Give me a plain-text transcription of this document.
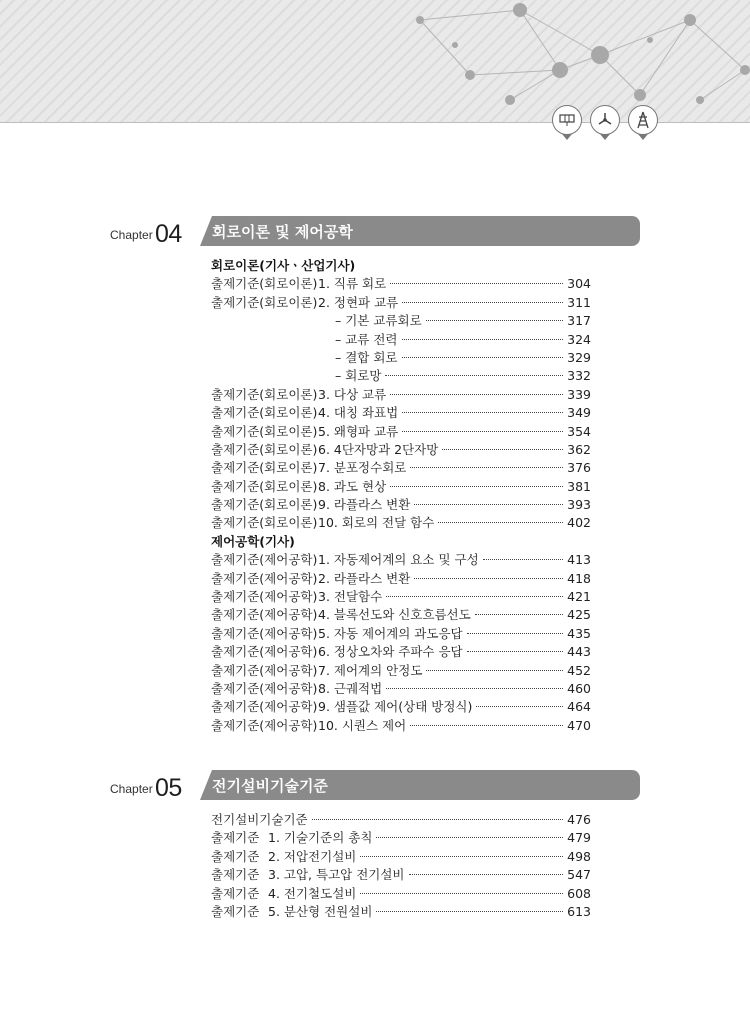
Chapter 04 회로이론 및 제어공학
회로이론(기사ㆍ산업기사)
출제기준(회로이론) 1. 직류 회로	304
출제기준(회로이론) 2. 정현파 교류	311
– 기본 교류회로	317
– 교류 전력	324
– 결합 회로	329
– 회로망	332
출제기준(회로이론) 3. 다상 교류	339
출제기준(회로이론) 4. 대칭 좌표법	349
출제기준(회로이론) 5. 왜형파 교류	354
출제기준(회로이론) 6. 4단자망과 2단자망	362
출제기준(회로이론) 7. 분포정수회로	376
출제기준(회로이론) 8. 과도 현상	381
출제기준(회로이론) 9. 라플라스 변환	393
출제기준(회로이론) 10. 회로의 전달 함수	402
제어공학(기사)
출제기준(제어공학) 1. 자동제어계의 요소 및 구성	413
출제기준(제어공학) 2. 라플라스 변환	418
출제기준(제어공학) 3. 전달함수	421
출제기준(제어공학) 4. 블록선도와 신호흐름선도	425
출제기준(제어공학) 5. 자동 제어계의 과도응답	435
출제기준(제어공학) 6. 정상오차와 주파수 응답	443
출제기준(제어공학) 7. 제어계의 안정도	452
출제기준(제어공학) 8. 근궤적법	460
출제기준(제어공학) 9. 샘플값 제어(상태 방정식)	464
출제기준(제어공학) 10. 시퀀스 제어	470
Chapter 05 전기설비기술기준
전기설비기술기준	476
출제기준 1. 기술기준의 총칙	479
출제기준 2. 저압전기설비	498
출제기준 3. 고압, 특고압 전기설비	547
출제기준 4. 전기철도설비	608
출제기준 5. 분산형 전원설비	613
